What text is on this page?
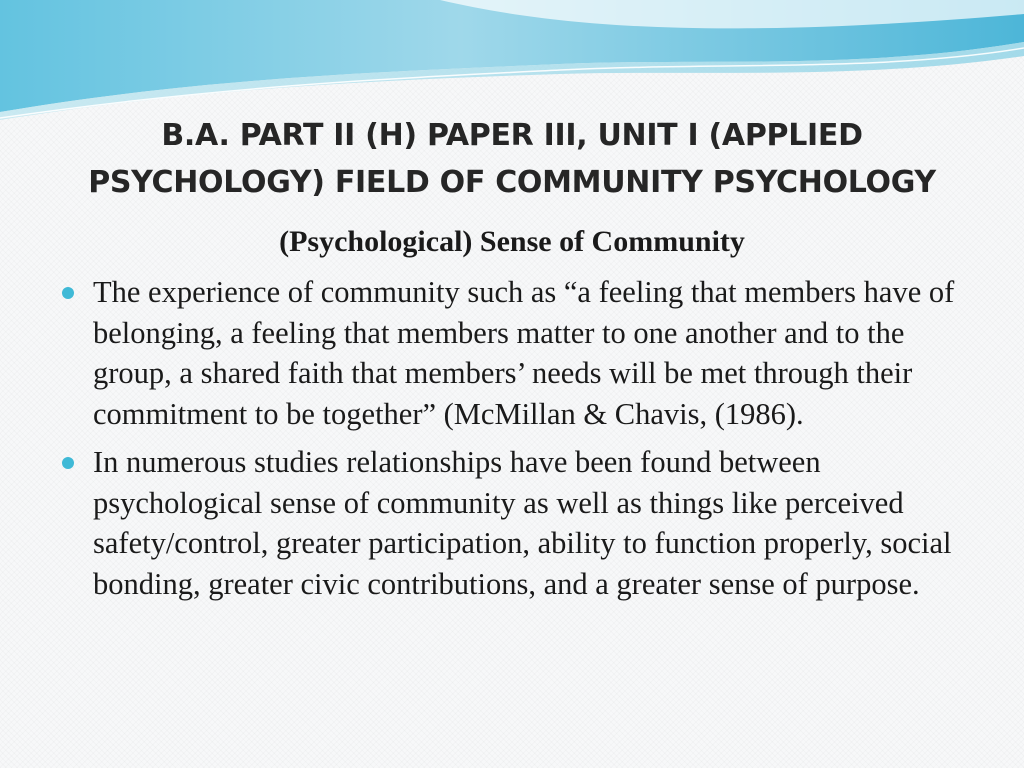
B.A. PART II (H) PAPER III, UNIT I (APPLIED PSYCHOLOGY) FIELD OF COMMUNITY PSYCHOLOGY
(Psychological) Sense of Community
The experience of community such as “a feeling that members have of belonging, a feeling that members matter to one another and to the group, a shared faith that members’ needs will be met through their commitment to be together” (McMillan & Chavis, (1986).
In numerous studies relationships have been found between psychological sense of community as well as things like perceived safety/control, greater participation, ability to function properly, social bonding, greater civic contributions, and a greater sense of purpose.
